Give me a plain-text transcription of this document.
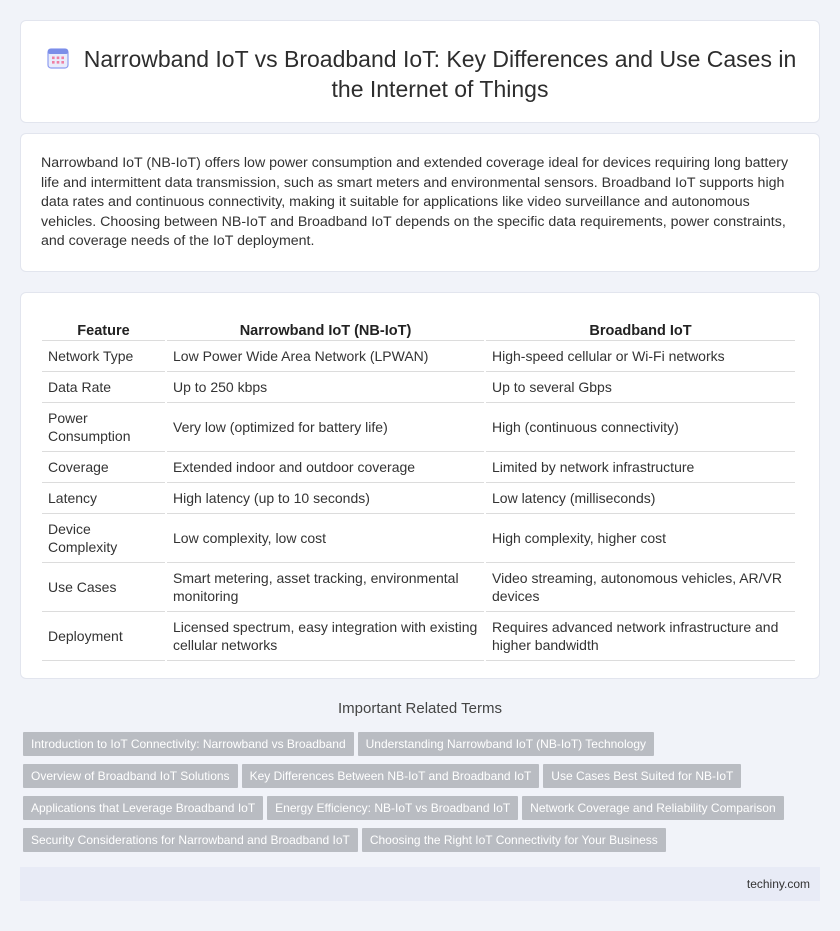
Narrowband IoT vs Broadband IoT: Key Differences and Use Cases in the Internet of Things

Narrowband IoT (NB-IoT) offers low power consumption and extended coverage ideal for devices requiring long battery life and intermittent data transmission, such as smart meters and environmental sensors. Broadband IoT supports high data rates and continuous connectivity, making it suitable for applications like video surveillance and autonomous vehicles. Choosing between NB-IoT and Broadband IoT depends on the specific data requirements, power constraints, and coverage needs of the IoT deployment.

Feature	Narrowband IoT (NB-IoT)	Broadband IoT
Network Type	Low Power Wide Area Network (LPWAN)	High-speed cellular or Wi-Fi networks
Data Rate	Up to 250 kbps	Up to several Gbps
Power Consumption	Very low (optimized for battery life)	High (continuous connectivity)
Coverage	Extended indoor and outdoor coverage	Limited by network infrastructure
Latency	High latency (up to 10 seconds)	Low latency (milliseconds)
Device Complexity	Low complexity, low cost	High complexity, higher cost
Use Cases	Smart metering, asset tracking, environmental monitoring	Video streaming, autonomous vehicles, AR/VR devices
Deployment	Licensed spectrum, easy integration with existing cellular networks	Requires advanced network infrastructure and higher bandwidth
Important Related Terms
Introduction to IoT Connectivity: Narrowband vs Broadband Understanding Narrowband IoT (NB-IoT) TechnologyOverview of Broadband IoT Solutions Key Differences Between NB-IoT and Broadband IoT Use Cases Best Suited for NB-IoTApplications that Leverage Broadband IoT Energy Efficiency: NB-IoT vs Broadband IoT Network Coverage and Reliability ComparisonSecurity Considerations for Narrowband and Broadband IoT Choosing the Right IoT Connectivity for Your Business
techiny.com
